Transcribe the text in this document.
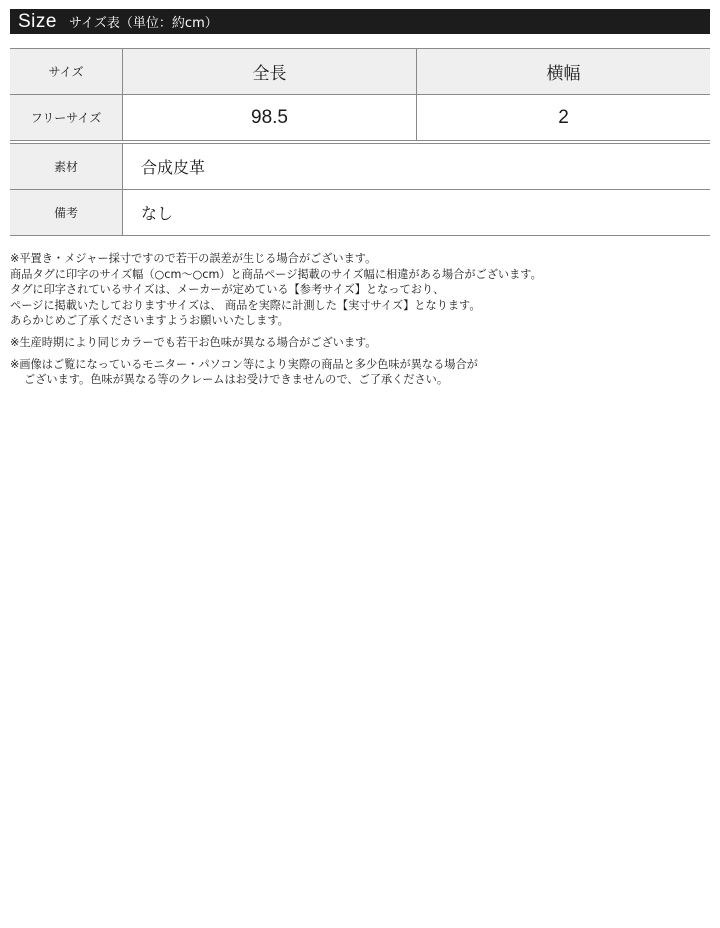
Size サイズ表（単位：約cm）
サイズ	全長	横幅
フリーサイズ	98.5	2
素材	合成皮革
備考	なし

※平置き・メジャー採寸ですので若干の誤差が生じる場合がございます。

商品タグに印字のサイズ幅（○cm～○cm）と商品ページ掲載のサイズ幅に相違がある場合がございます。

タグに印字されているサイズは、メーカーが定めている【参考サイズ】となっており、

ページに掲載いたしておりますサイズは、 商品を実際に計測した【実寸サイズ】となります。

あらかじめご了承くださいますようお願いいたします。

※生産時期により同じカラーでも若干お色味が異なる場合がございます。

※画像はご覧になっているモニター・パソコン等により実際の商品と多少色味が異なる場合が

ございます。色味が異なる等のクレームはお受けできませんので、ご了承ください。
